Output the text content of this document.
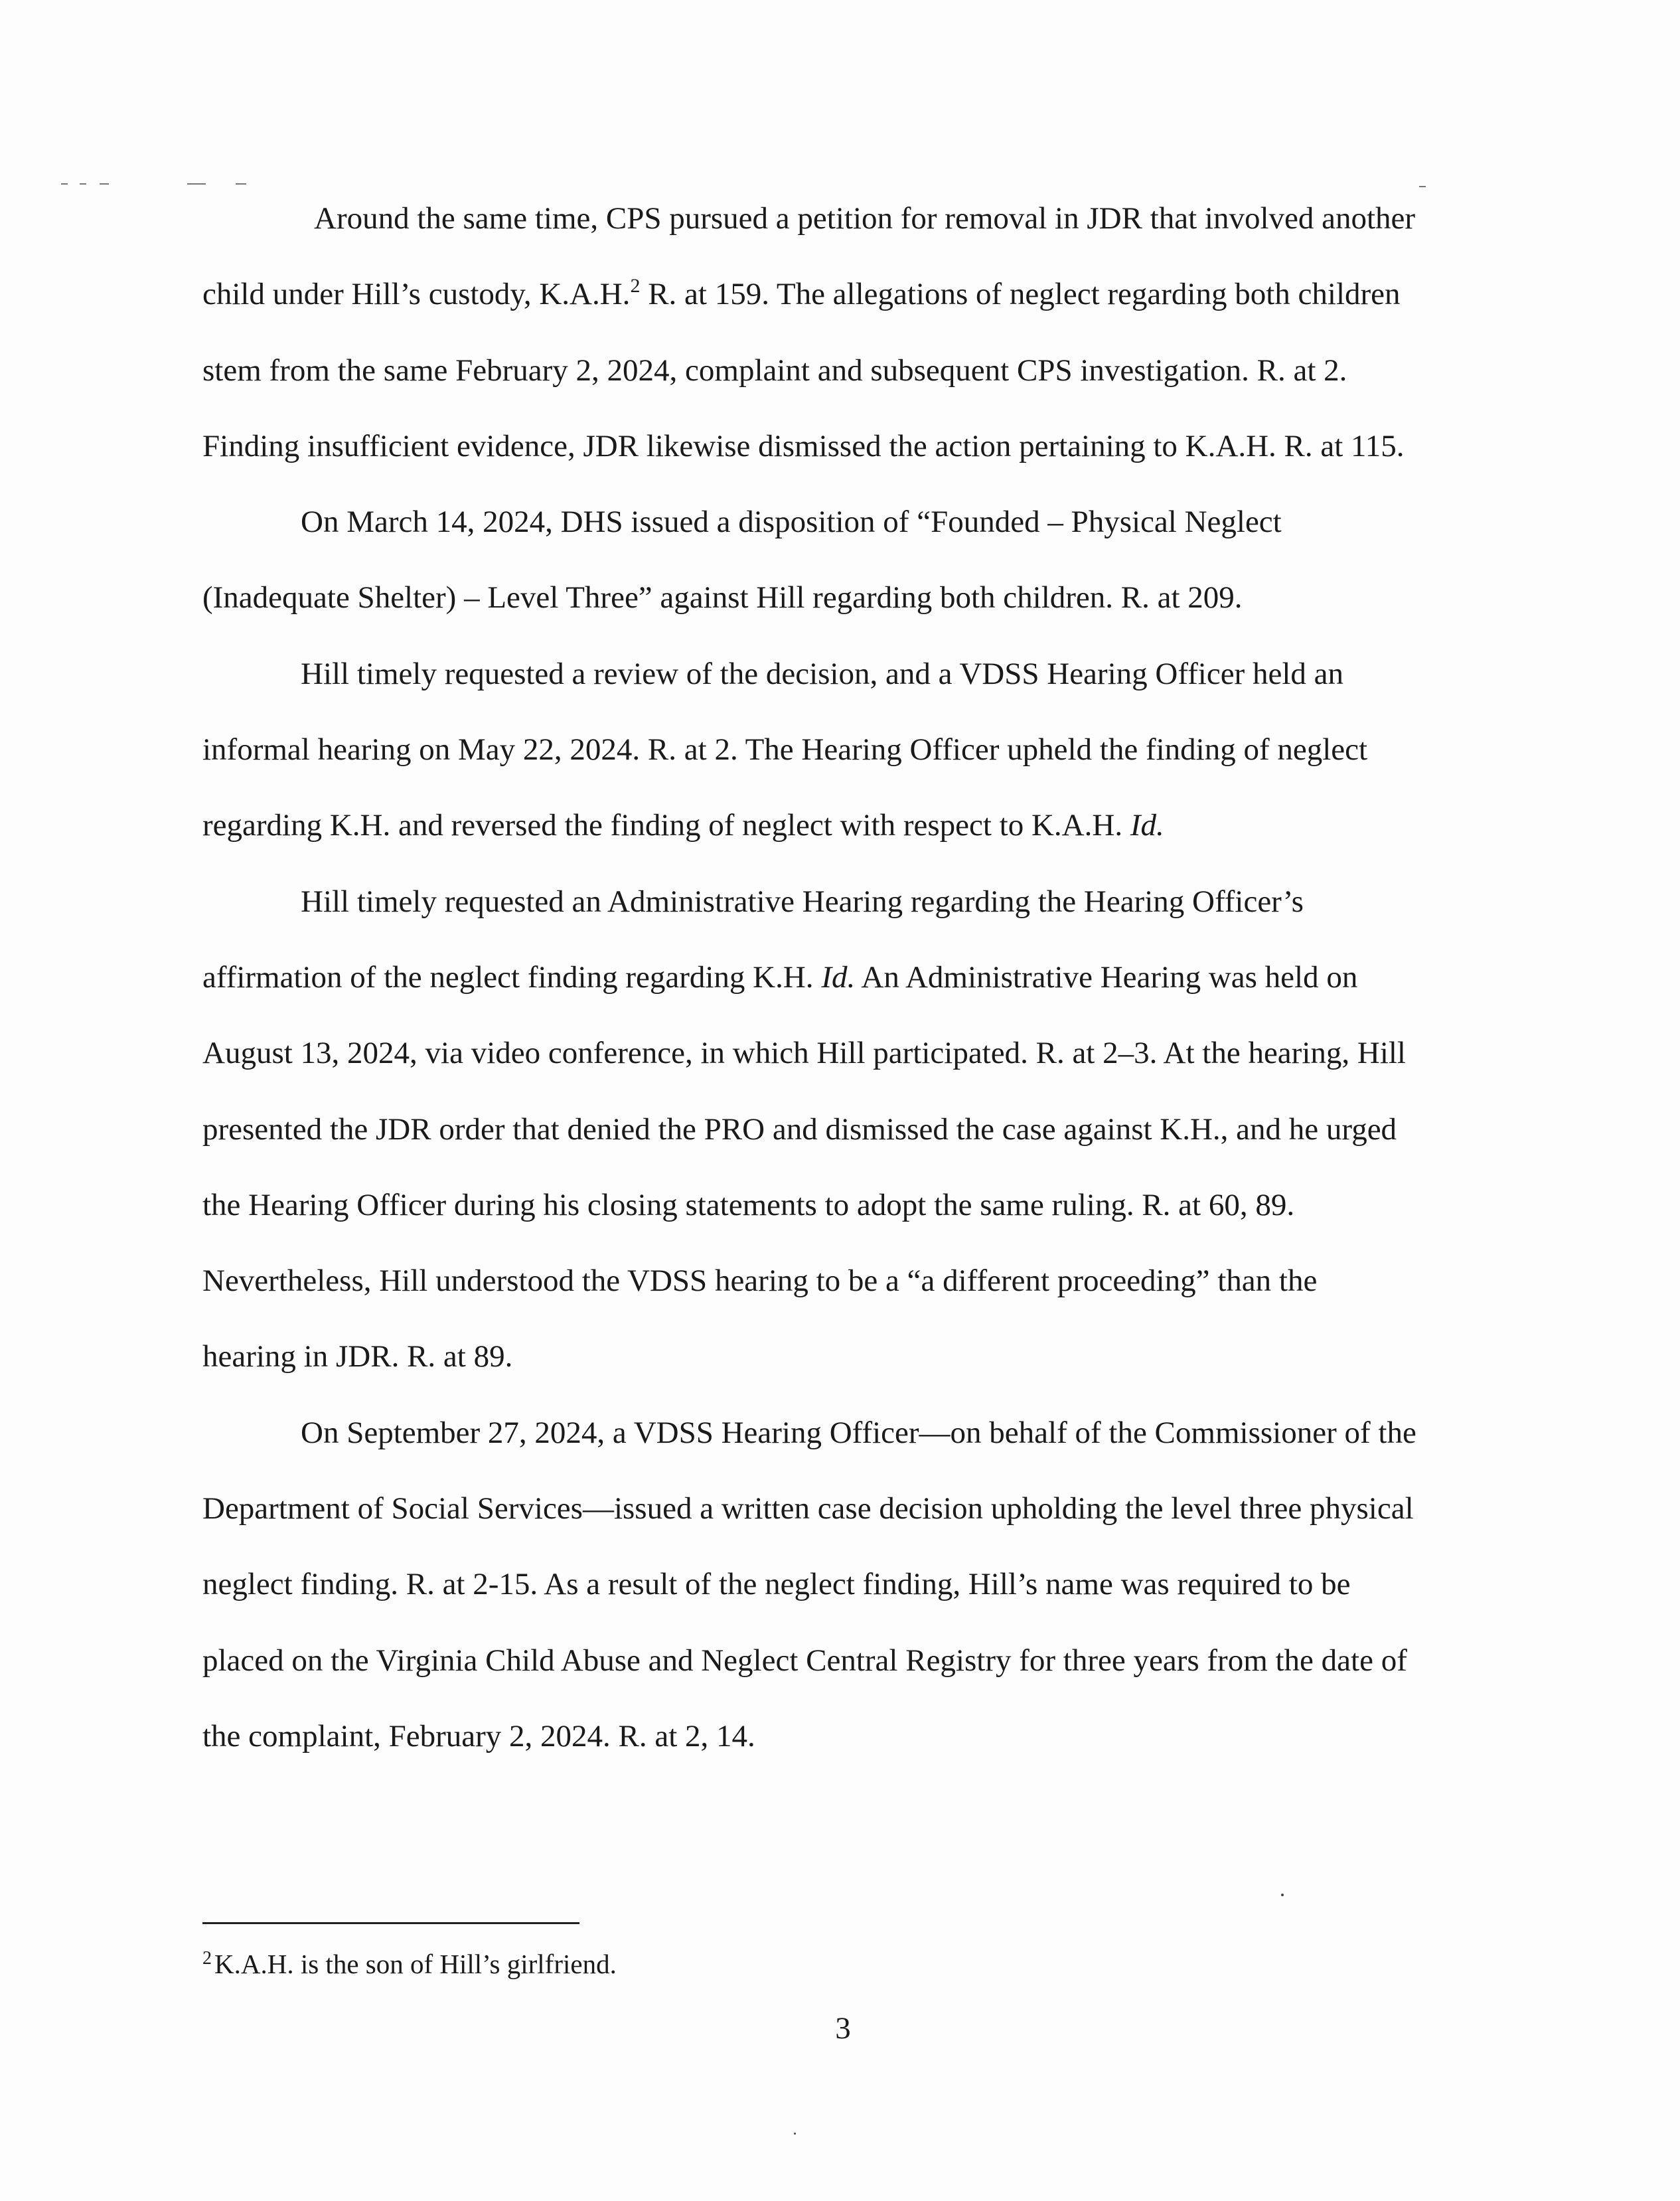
Around the same time, CPS pursued a petition for removal in JDR that involved another
child under Hill’s custody, K.A.H.$^2$ R. at 159. The allegations of neglect regarding both children
stem from the same February 2, 2024, complaint and subsequent CPS investigation. R. at 2.
Finding insufficient evidence, JDR likewise dismissed the action pertaining to K.A.H. R. at 115.
On March 14, 2024, DHS issued a disposition of “Founded – Physical Neglect
(Inadequate Shelter) – Level Three” against Hill regarding both children. R. at 209.
Hill timely requested a review of the decision, and a VDSS Hearing Officer held an
informal hearing on May 22, 2024. R. at 2. The Hearing Officer upheld the finding of neglect
regarding K.H. and reversed the finding of neglect with respect to K.A.H. Id.
Hill timely requested an Administrative Hearing regarding the Hearing Officer’s
affirmation of the neglect finding regarding K.H. Id. An Administrative Hearing was held on
August 13, 2024, via video conference, in which Hill participated. R. at 2–3. At the hearing, Hill
presented the JDR order that denied the PRO and dismissed the case against K.H., and he urged
the Hearing Officer during his closing statements to adopt the same ruling. R. at 60, 89.
Nevertheless, Hill understood the VDSS hearing to be a “a different proceeding” than the
hearing in JDR. R. at 89.
On September 27, 2024, a VDSS Hearing Officer—on behalf of the Commissioner of the
Department of Social Services—issued a written case decision upholding the level three physical
neglect finding. R. at 2-15. As a result of the neglect finding, Hill’s name was required to be
placed on the Virginia Child Abuse and Neglect Central Registry for three years from the date of
the complaint, February 2, 2024. R. at 2, 14.
$^2$K.A.H. is the son of Hill’s girlfriend.
3
